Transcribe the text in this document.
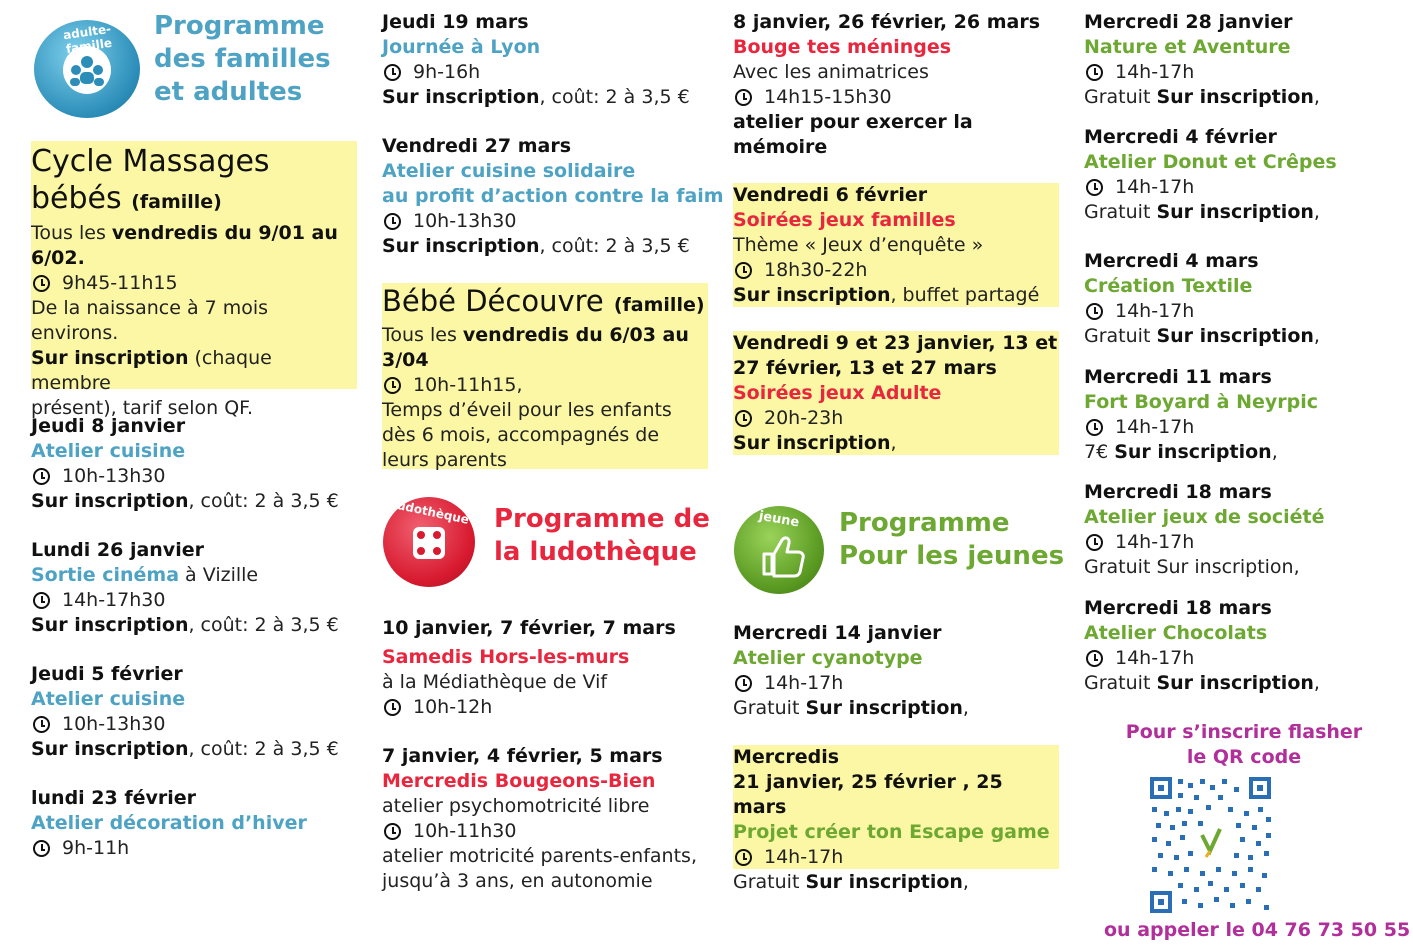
adulte-famille
Programme
des familles
et adultes
Cycle Massages
bébés (famille)
Tous les vendredis du 9/01 au
6/02.
9h45-11h15
De la naissance à 7 mois
environs.
Sur inscription (chaque membre
présent), tarif selon QF.
Jeudi 8 janvier
Atelier cuisine
10h-13h30
Sur inscription, coût: 2 à 3,5 €
Lundi 26 janvier
Sortie cinéma à Vizille
14h-17h30
Sur inscription, coût: 2 à 3,5 €
Jeudi 5 février
Atelier cuisine
10h-13h30
Sur inscription, coût: 2 à 3,5 €
lundi 23 février
Atelier décoration d’hiver
9h-11h
Jeudi 19 mars
Journée à Lyon
9h-16h
Sur inscription, coût: 2 à 3,5 €
Vendredi 27 mars
Atelier cuisine solidaire
au profit d’action contre la faim
10h-13h30
Sur inscription, coût: 2 à 3,5 €
Bébé Découvre (famille)
Tous les vendredis du 6/03 au
3/04
10h-11h15,
Temps d’éveil pour les enfants
dès 6 mois, accompagnés de
leurs parents
ludothèque Programme de
la ludothèque
10 janvier, 7 février, 7 mars
Samedis Hors-les-murs
à la Médiathèque de Vif
10h-12h
7 janvier, 4 février, 5 mars
Mercredis Bougeons-Bien
atelier psychomotricité libre
10h-11h30
atelier motricité parents-enfants,
jusqu’à 3 ans, en autonomie
8 janvier, 26 février, 26 mars
Bouge tes méninges
Avec les animatrices
14h15-15h30
atelier pour exercer la
mémoire
Vendredi 6 février
Soirées jeux familles
Thème « Jeux d’enquête »
18h30-22h
Sur inscription, buffet partagé
Vendredi 9 et 23 janvier, 13 et
27 février, 13 et 27 mars
Soirées jeux Adulte
20h-23h
Sur inscription,
jeune	Programme
Pour les jeunes
Mercredi 14 janvier
Atelier cyanotype
14h-17h
Gratuit Sur inscription,
Mercredis
21 janvier, 25 février , 25 mars
Projet créer ton Escape game
14h-17h
Gratuit Sur inscription,
Mercredi 28 janvier
Nature et Aventure
14h-17h
Gratuit Sur inscription,
Mercredi 4 février
Atelier Donut et Crêpes
14h-17h
Gratuit Sur inscription,
Mercredi 4 mars
Création Textile
14h-17h
Gratuit Sur inscription,
Mercredi 11 mars
Fort Boyard à Neyrpic
14h-17h
7€ Sur inscription,
Mercredi 18 mars
Atelier jeux de société
14h-17h
Gratuit Sur inscription,
Mercredi 18 mars
Atelier Chocolats
14h-17h
Gratuit Sur inscription,
Pour s’inscrire flasher
le QR code
ou appeler le 04 76 73 50 55
